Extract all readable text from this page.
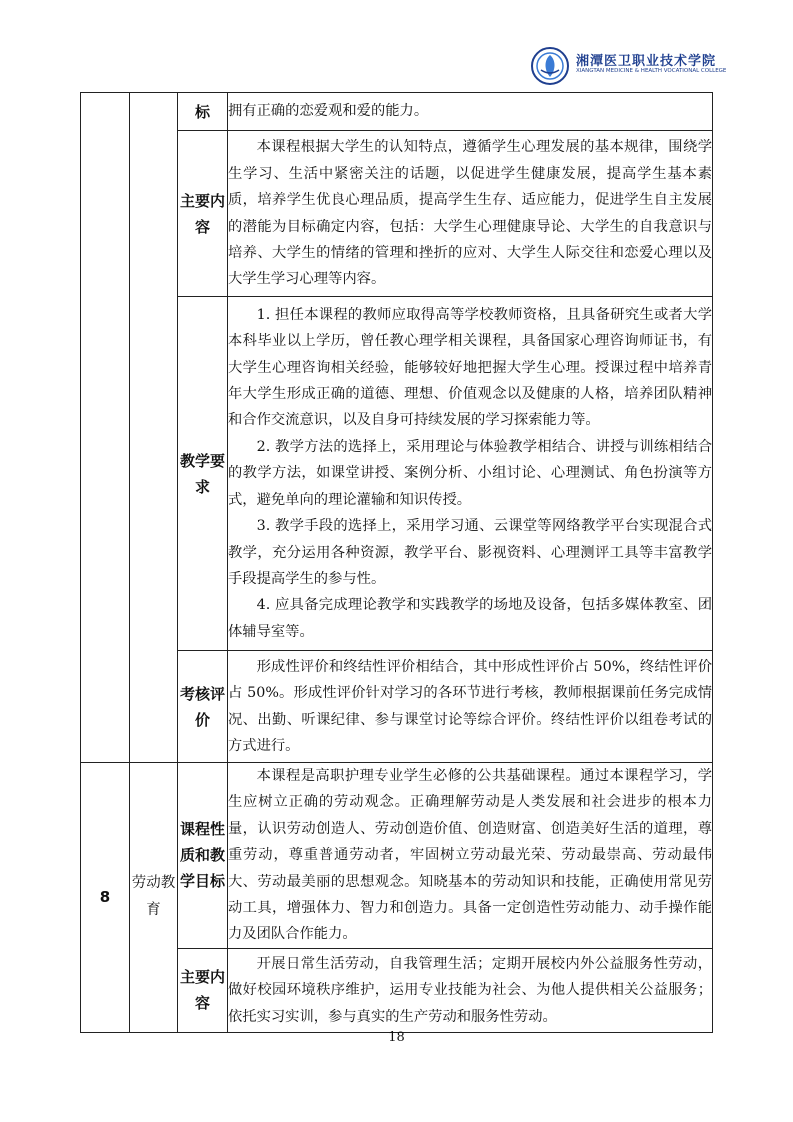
湘潭医卫职业技术学院
XIANGTAN MEDICINE & HEALTH VOCATIONAL COLLEGE
		标	拥有正确的恋爱观和爱的能力。
		主要内容	本课程根据大学生的认知特点，遵循学生心理发展的基本规律，围绕学生学习、生活中紧密关注的话题，以促进学生健康发展，提高学生基本素质，培养学生优良心理品质，提高学生生存、适应能力，促进学生自主发展的潜能为目标确定内容，包括：大学生心理健康导论、大学生的自我意识与培养、大学生的情绪的管理和挫折的应对、大学生人际交往和恋爱心理以及大学生学习心理等内容。

		教学要求	1. 担任本课程的教师应取得高等学校教师资格，且具备研究生或者大学本科毕业以上学历，曾任教心理学相关课程，具备国家心理咨询师证书，有大学生心理咨询相关经验，能够较好地把握大学生心理。授课过程中培养青年大学生形成正确的道德、理想、价值观念以及健康的人格，培养团队精神和合作交流意识，以及自身可持续发展的学习探索能力等。

2. 教学方法的选择上，采用理论与体验教学相结合、讲授与训练相结合的教学方法，如课堂讲授、案例分析、小组讨论、心理测试、角色扮演等方式，避免单向的理论灌输和知识传授。

3. 教学手段的选择上，采用学习通、云课堂等网络教学平台实现混合式教学，充分运用各种资源，教学平台、影视资料、心理测评工具等丰富教学手段提高学生的参与性。

4. 应具备完成理论教学和实践教学的场地及设备，包括多媒体教室、团体辅导室等。

		考核评价	形成性评价和终结性评价相结合，其中形成性评价占 50%，终结性评价占 50%。形成性评价针对学习的各环节进行考核，教师根据课前任务完成情况、出勤、听课纪律、参与课堂讨论等综合评价。终结性评价以组卷考试的方式进行。

8	劳动教育	课程性质和教学目标	本课程是高职护理专业学生必修的公共基础课程。通过本课程学习，学生应树立正确的劳动观念。正确理解劳动是人类发展和社会进步的根本力量，认识劳动创造人、劳动创造价值、创造财富、创造美好生活的道理，尊重劳动，尊重普通劳动者，牢固树立劳动最光荣、劳动最崇高、劳动最伟大、劳动最美丽的思想观念。知晓基本的劳动知识和技能，正确使用常见劳动工具，增强体力、智力和创造力。具备一定创造性劳动能力、动手操作能力及团队合作能力。

		主要内容	开展日常生活劳动，自我管理生活；定期开展校内外公益服务性劳动，做好校园环境秩序维护，运用专业技能为社会、为他人提供相关公益服务；依托实习实训，参与真实的生产劳动和服务性劳动。

18
